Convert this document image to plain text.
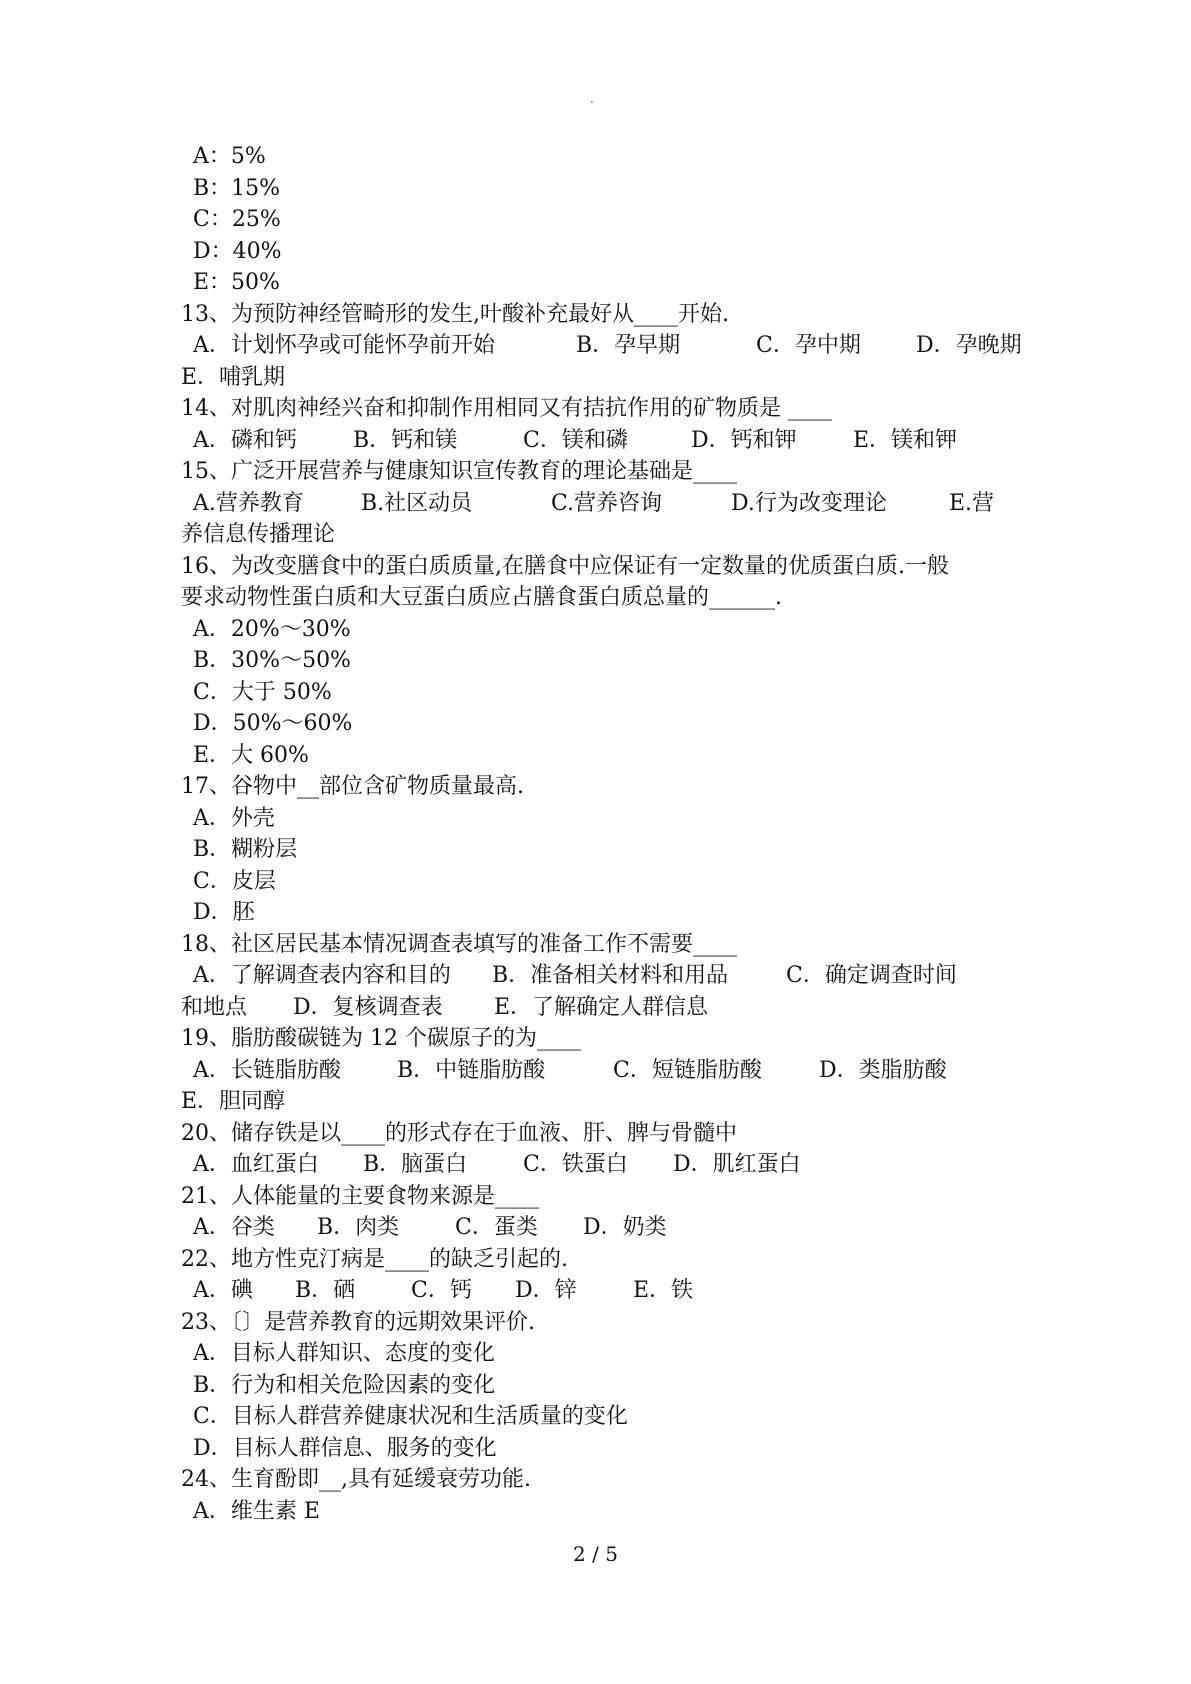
.
A：5%
B：15%
C：25%
D：40%
E：50%
13、为预防神经管畸形的发生,叶酸补充最好从____开始.
A．计划怀孕或可能怀孕前开始	B．孕早期	C．孕中期	D．孕晚期
E．哺乳期
14、对肌肉神经兴奋和抑制作用相同又有拮抗作用的矿物质是 ____
A．磷和钙	B．钙和镁	C．镁和磷	D．钙和钾	E．镁和钾
15、广泛开展营养与健康知识宣传教育的理论基础是____
A.营养教育	B.社区动员	C.营养咨询	D.行为改变理论	E.营
养信息传播理论
16、为改变膳食中的蛋白质质量,在膳食中应保证有一定数量的优质蛋白质.一般
要求动物性蛋白质和大豆蛋白质应占膳食蛋白质总量的______.
A．20%～30%
B．30%～50%
C．大于 50%
D．50%～60%
E．大 60%
17、谷物中__部位含矿物质量最高.
A．外壳
B．糊粉层
C．皮层
D．胚
18、社区居民基本情况调查表填写的准备工作不需要____
A．了解调查表内容和目的 B．准备相关材料和用品	C．确定调查时间
和地点 D．复核调查表 E．了解确定人群信息
19、脂肪酸碳链为 12 个碳原子的为____
A．长链脂肪酸	B．中链脂肪酸	C．短链脂肪酸	D．类脂肪酸
E．胆同醇
20、储存铁是以____的形式存在于血液、肝、脾与骨髓中
A．血红蛋白 B．脑蛋白	C．铁蛋白 D．肌红蛋白
21、人体能量的主要食物来源是____
A．谷类 B．肉类	C．蛋类 D．奶类
22、地方性克汀病是____的缺乏引起的.
A．碘 B．硒	C．钙 D．锌	E．铁
23、〔〕是营养教育的远期效果评价.
A．目标人群知识、态度的变化
B．行为和相关危险因素的变化
C．目标人群营养健康状况和生活质量的变化
D．目标人群信息、服务的变化
24、生育酚即__,具有延缓衰劳功能.
A．维生素 E
2 / 5
